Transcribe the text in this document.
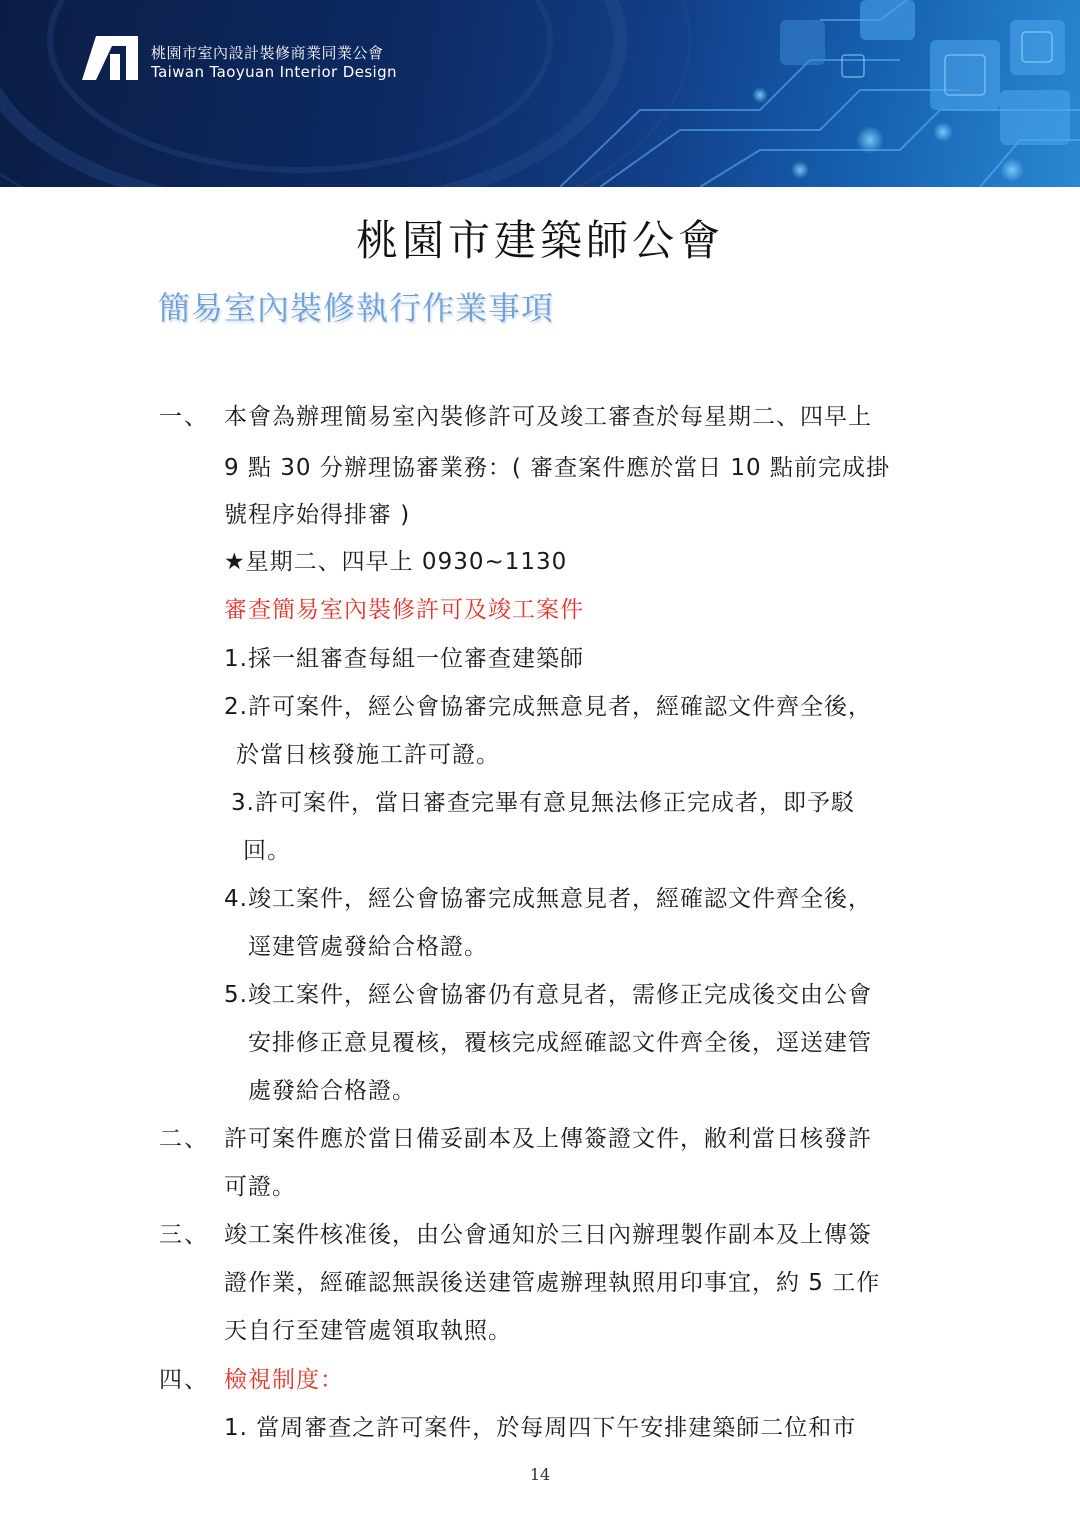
桃園市室內設計裝修商業同業公會
Taiwan Taoyuan Interior Design
桃園市建築師公會
簡易室內裝修執行作業事項
一、 本會為辦理簡易室內裝修許可及竣工審查於每星期二、四早上
9 點 30 分辦理協審業務：( 審查案件應於當日 10 點前完成掛
號程序始得排審 )
★星期二、四早上 0930~1130
審查簡易室內裝修許可及竣工案件
1.採一組審查每組一位審查建築師
2.許可案件，經公會協審完成無意見者，經確認文件齊全後，
於當日核發施工許可證。
3.許可案件，當日審查完畢有意見無法修正完成者，即予駁
回。
4.竣工案件，經公會協審完成無意見者，經確認文件齊全後，
逕建管處發給合格證。
5.竣工案件，經公會協審仍有意見者，需修正完成後交由公會
安排修正意見覆核，覆核完成經確認文件齊全後，逕送建管
處發給合格證。
二、 許可案件應於當日備妥副本及上傳簽證文件，敝利當日核發許
可證。
三、 竣工案件核准後，由公會通知於三日內辦理製作副本及上傳簽
證作業，經確認無誤後送建管處辦理執照用印事宜，約 5 工作
天自行至建管處領取執照。
四、 檢視制度：
1. 當周審查之許可案件，於每周四下午安排建築師二位和市
14
